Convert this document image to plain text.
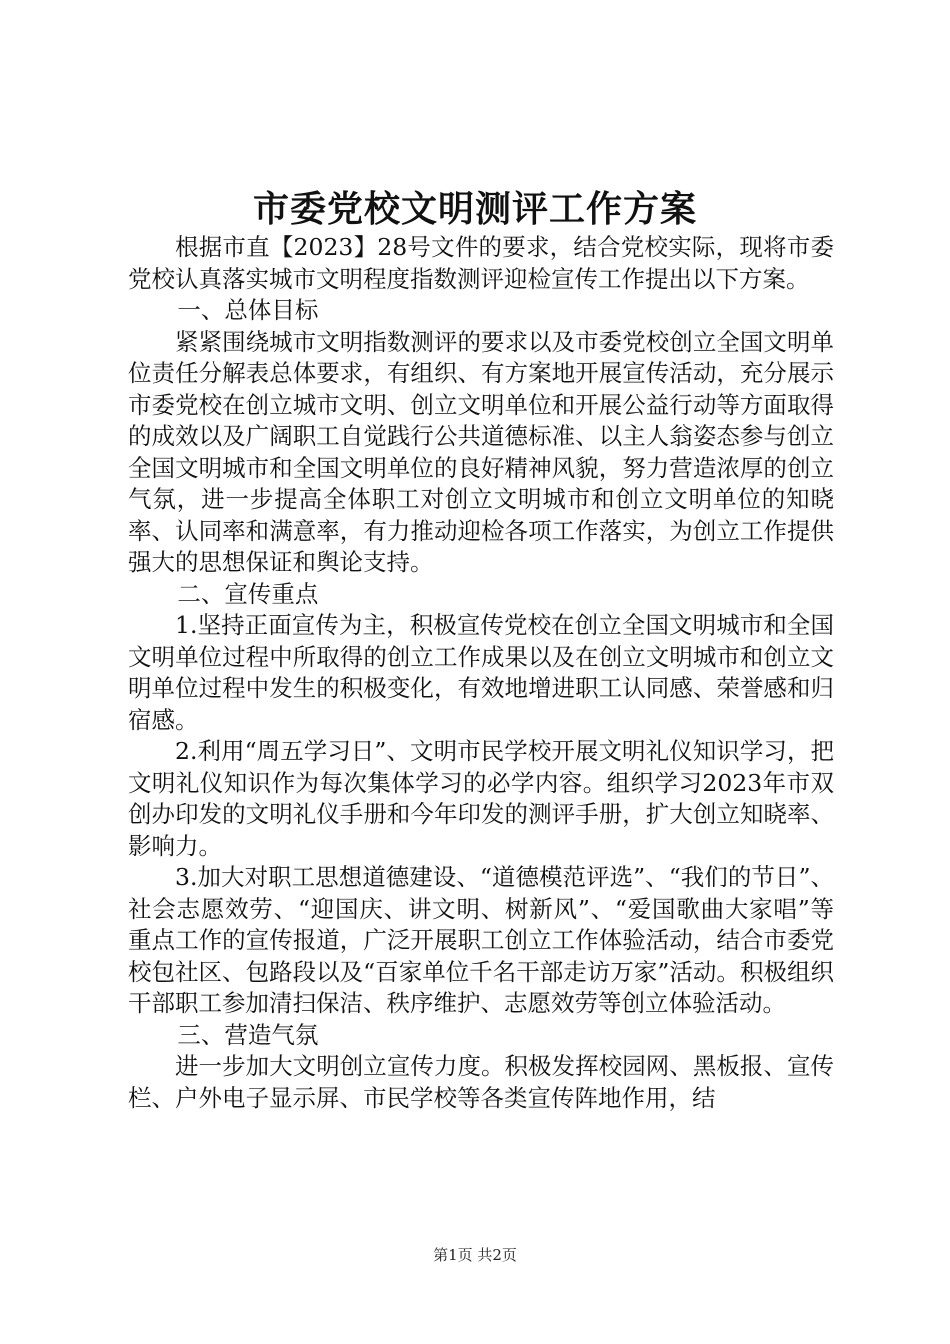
市委党校文明测评工作方案

根据市直【2023】28号文件的要求，结合党校实际，现将市委党校认真落实城市文明程度指数测评迎检宣传工作提出以下方案。

一、总体目标

紧紧围绕城市文明指数测评的要求以及市委党校创立全国文明单位责任分解表总体要求，有组织、有方案地开展宣传活动，充分展示市委党校在创立城市文明、创立文明单位和开展公益行动等方面取得的成效以及广阔职工自觉践行公共道德标准、以主人翁姿态参与创立全国文明城市和全国文明单位的良好精神风貌，努力营造浓厚的创立气氛，进一步提高全体职工对创立文明城市和创立文明单位的知晓率、认同率和满意率，有力推动迎检各项工作落实，为创立工作提供强大的思想保证和舆论支持。

二、宣传重点

1.坚持正面宣传为主，积极宣传党校在创立全国文明城市和全国文明单位过程中所取得的创立工作成果以及在创立文明城市和创立文明单位过程中发生的积极变化，有效地增进职工认同感、荣誉感和归宿感。

2.利用“周五学习日”、文明市民学校开展文明礼仪知识学习，把文明礼仪知识作为每次集体学习的必学内容。组织学习2023年市双创办印发的文明礼仪手册和今年印发的测评手册，扩大创立知晓率、影响力。

3.加大对职工思想道德建设、“道德模范评选”、“我们的节日”、社会志愿效劳、“迎国庆、讲文明、树新风”、“爱国歌曲大家唱”等重点工作的宣传报道，广泛开展职工创立工作体验活动，结合市委党校包社区、包路段以及“百家单位千名干部走访万家”活动。积极组织干部职工参加清扫保洁、秩序维护、志愿效劳等创立体验活动。

三、营造气氛

进一步加大文明创立宣传力度。积极发挥校园网、黑板报、宣传栏、户外电子显示屏、市民学校等各类宣传阵地作用，结

第1页 共2页
